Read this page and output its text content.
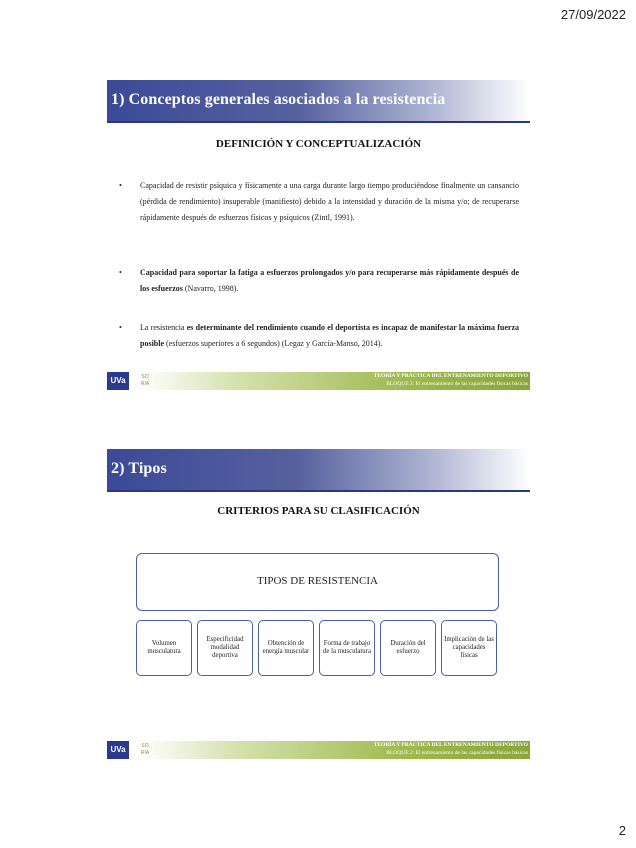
27/09/2022
1) Conceptos generales asociados a la resistencia
DEFINICIÓN Y CONCEPTUALIZACIÓN
•	Capacidad de resistir psíquica y físicamente a una carga durante largo tiempo produciéndose finalmente un cansancio (pérdida de rendimiento) insuperable (manifiesto) debido a la intensidad y duración de la misma y/o; de recuperarse rápidamente después de esfuerzos físicos y psíquicos (Zintl, 1991).
•	Capacidad para soportar la fatiga a esfuerzos prolongados y/o para recuperarse más rápidamente después de los esfuerzos (Navarro, 1998).
•	La resistencia es determinante del rendimiento cuando el deportista es incapaz de manifestar la máxima fuerza posible (esfuerzos superiores a 6 segundos) (Legaz y García-Manso, 2014).
UVa	SO RIA
TEORÍA Y PRÁCTICA DEL ENTRENAMIENTO DEPORTIVO
BLOQUE 2: El entrenamiento de las capacidades físicas básicas
2) Tipos
CRITERIOS PARA SU CLASIFICACIÓN
TIPOS DE RESISTENCIA
Volumen musculatura
Especificidad modalidad deportiva
Obtención de energía muscular
Forma de trabajo de la musculatura
Duración del esfuerzo
Implicación de las capacidades físicas
UVa	SO RIA
TEORÍA Y PRÁCTICA DEL ENTRENAMIENTO DEPORTIVO
BLOQUE 2: El entrenamiento de las capacidades físicas básicas
2
